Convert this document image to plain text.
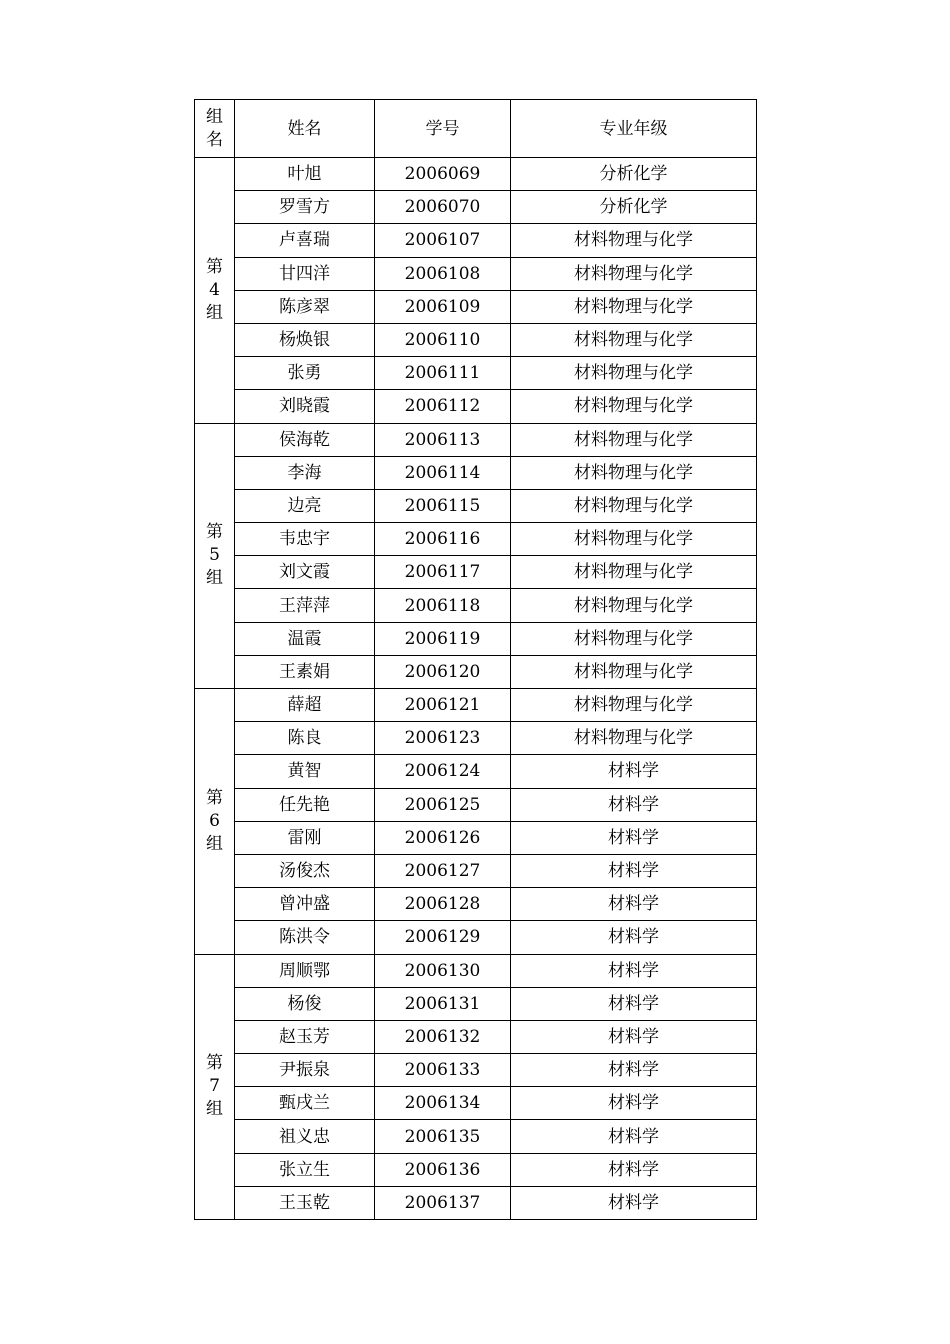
组
名	姓名	学号	专业年级

第
4
组	叶旭	2006069	分析化学
	罗雪方	2006070	分析化学
	卢喜瑞	2006107	材料物理与化学
	甘四洋	2006108	材料物理与化学
	陈彦翠	2006109	材料物理与化学
	杨焕银	2006110	材料物理与化学
	张勇	2006111	材料物理与化学
	刘晓霞	2006112	材料物理与化学

第
5
组	侯海乾	2006113	材料物理与化学
	李海	2006114	材料物理与化学
	边亮	2006115	材料物理与化学
	韦忠宇	2006116	材料物理与化学
	刘文霞	2006117	材料物理与化学
	王萍萍	2006118	材料物理与化学
	温霞	2006119	材料物理与化学
	王素娟	2006120	材料物理与化学

第
6
组	薛超	2006121	材料物理与化学
	陈良	2006123	材料物理与化学
	黄智	2006124	材料学
	任先艳	2006125	材料学
	雷刚	2006126	材料学
	汤俊杰	2006127	材料学
	曾冲盛	2006128	材料学
	陈洪令	2006129	材料学

第
7
组	周顺鄂	2006130	材料学
	杨俊	2006131	材料学
	赵玉芳	2006132	材料学
	尹振泉	2006133	材料学
	甄戌兰	2006134	材料学
	祖义忠	2006135	材料学
	张立生	2006136	材料学
	王玉乾	2006137	材料学
